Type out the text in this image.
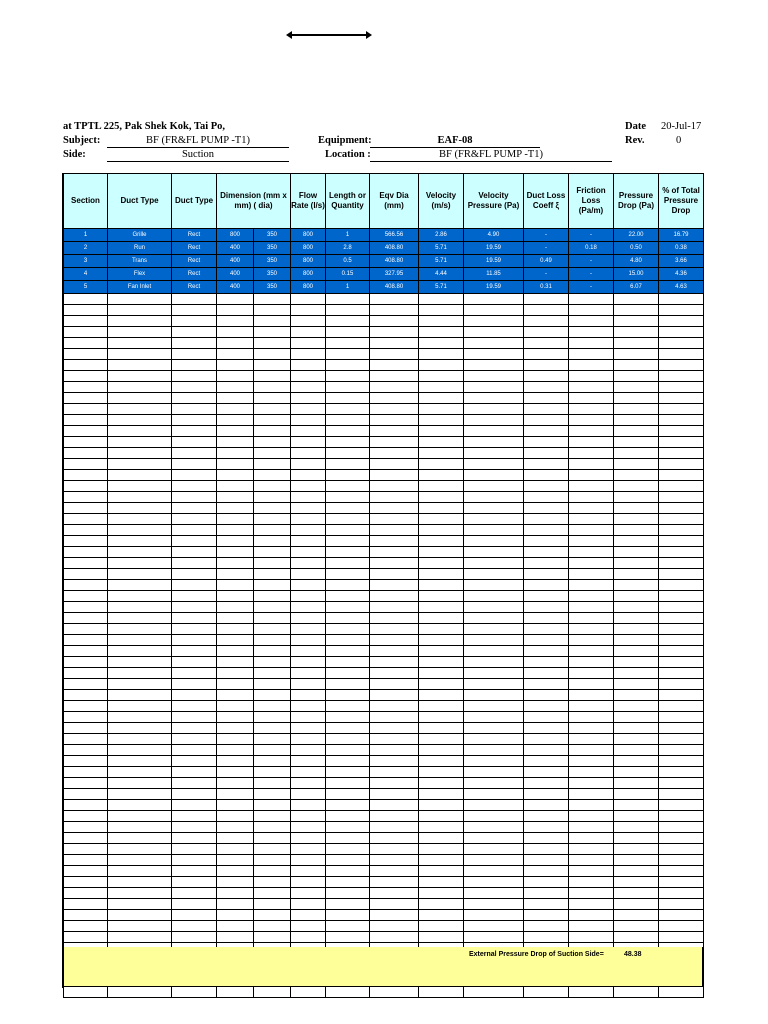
at TPTL 225, Pak Shek Kok, Tai Po,
Subject:	BF (FR&FL PUMP -T1)
Side:	Suction
Equipment:	EAF-08
Location :	BF (FR&FL PUMP -T1)
Date 20-Jul-17
Rev.	0
Section	Duct Type	Duct Type	Dimension (mm x mm) ( dia)		Flow Rate (l/s)	Length or Quantity	Eqv Dia (mm)	Velocity (m/s)	Velocity Pressure (Pa)	Duct Loss Coeff ξ	Friction Loss (Pa/m)	Pressure Drop (Pa)	% of Total Pressure Drop
1	Grille	Rect	800	350	800	1	566.56	2.86	4.90	-	-	22.00	16.79
2	Run	Rect	400	350	800	2.8	408.80	5.71	19.59	-	0.18	0.50	0.38
3	Trans	Rect	400	350	800	0.5	408.80	5.71	19.59	0.49	-	4.80	3.66
4	Flex	Rect	400	350	800	0.15	327.95	4.44	11.85	-	-	15.00	4.36
5	Fan Inlet	Rect	400	350	800	1	408.80	5.71	19.59	0.31	-	6.07	4.63

External Pressure Drop of Suction Side=	48.38
